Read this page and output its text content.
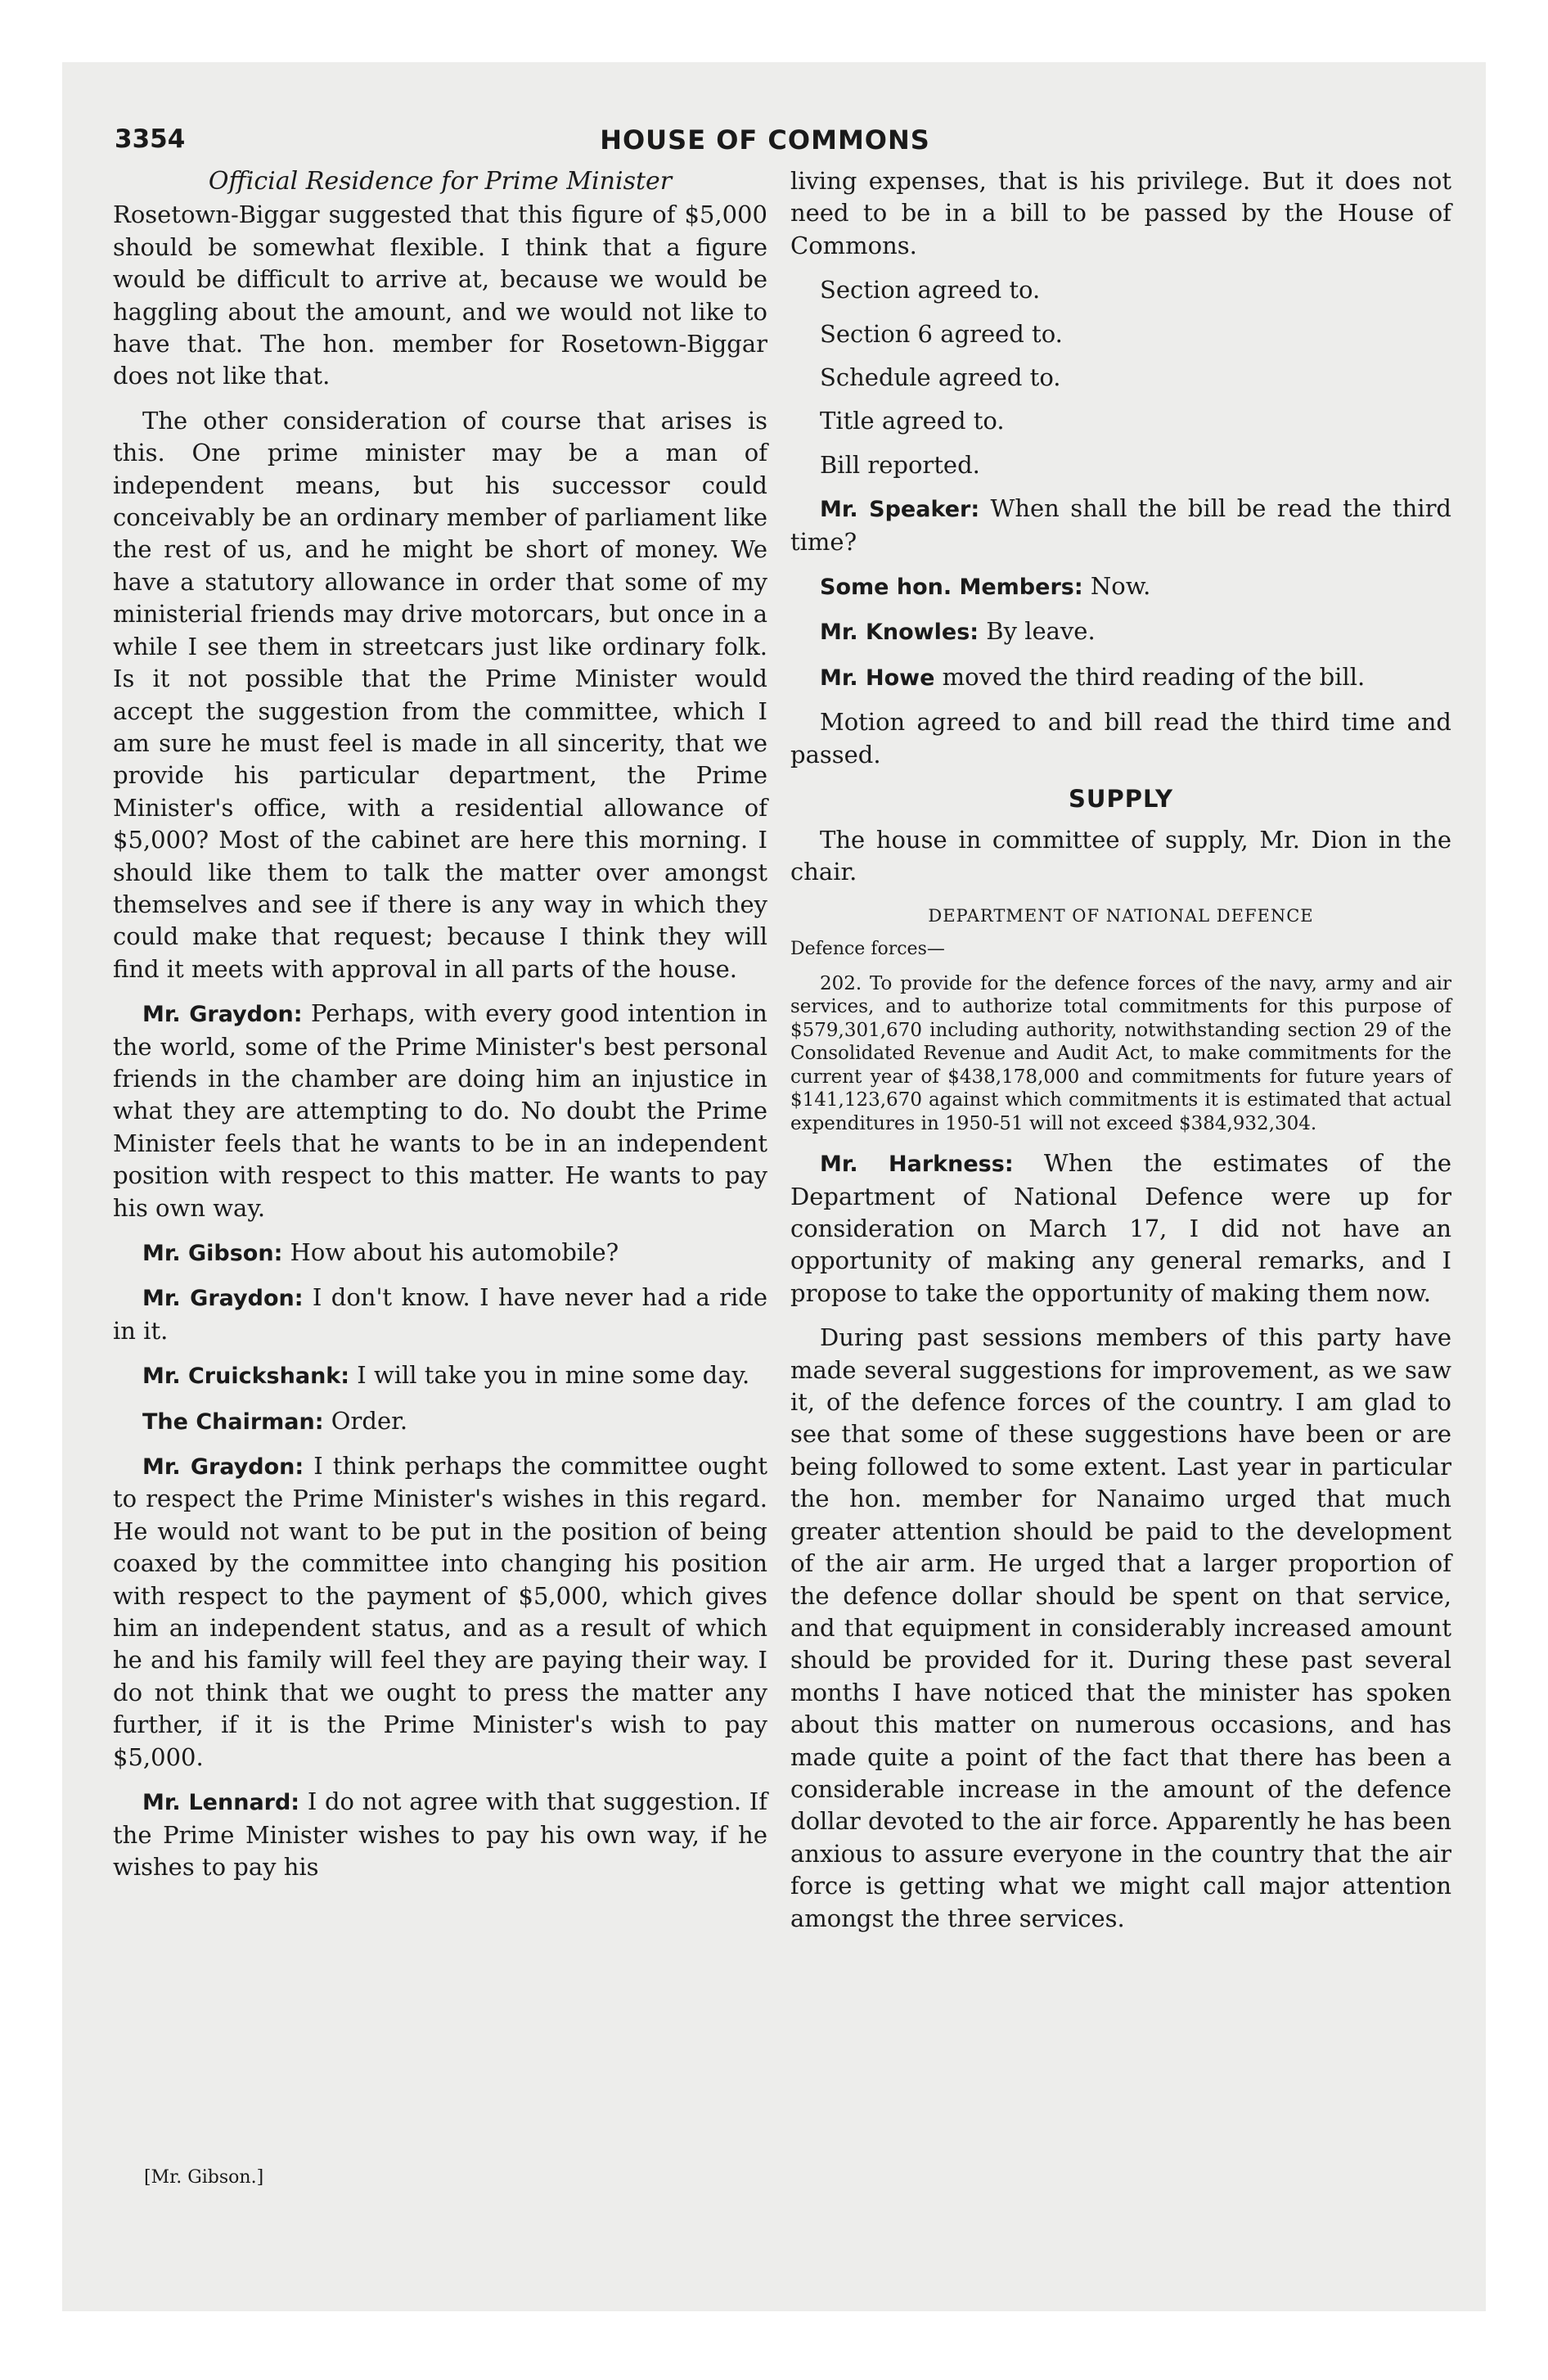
3354	HOUSE OF COMMONS
Official Residence for Prime Minister

Rosetown-Biggar suggested that this figure of $5,000 should be somewhat flexible. I think that a figure would be difficult to arrive at, because we would be haggling about the amount, and we would not like to have that. The hon. member for Rosetown-Biggar does not like that.

The other consideration of course that arises is this. One prime minister may be a man of independent means, but his successor could conceivably be an ordinary member of parliament like the rest of us, and he might be short of money. We have a statutory allowance in order that some of my ministerial friends may drive motorcars, but once in a while I see them in streetcars just like ordinary folk. Is it not possible that the Prime Minister would accept the suggestion from the committee, which I am sure he must feel is made in all sincerity, that we provide his particular department, the Prime Minister's office, with a residential allowance of $5,000? Most of the cabinet are here this morning. I should like them to talk the matter over amongst themselves and see if there is any way in which they could make that request; because I think they will find it meets with approval in all parts of the house.

Mr. Graydon: Perhaps, with every good intention in the world, some of the Prime Minister's best personal friends in the chamber are doing him an injustice in what they are attempting to do. No doubt the Prime Minister feels that he wants to be in an independent position with respect to this matter. He wants to pay his own way.

Mr. Gibson: How about his automobile?

Mr. Graydon: I don't know. I have never had a ride in it.

Mr. Cruickshank: I will take you in mine some day.

The Chairman: Order.

Mr. Graydon: I think perhaps the committee ought to respect the Prime Minister's wishes in this regard. He would not want to be put in the position of being coaxed by the committee into changing his position with respect to the payment of $5,000, which gives him an independent status, and as a result of which he and his family will feel they are paying their way. I do not think that we ought to press the matter any further, if it is the Prime Minister's wish to pay $5,000.

Mr. Lennard: I do not agree with that suggestion. If the Prime Minister wishes to pay his own way, if he wishes to pay his

living expenses, that is his privilege. But it does not need to be in a bill to be passed by the House of Commons.

Section agreed to.

Section 6 agreed to.

Schedule agreed to.

Title agreed to.

Bill reported.

Mr. Speaker: When shall the bill be read the third time?

Some hon. Members: Now.

Mr. Knowles: By leave.

Mr. Howe moved the third reading of the bill.

Motion agreed to and bill read the third time and passed.

SUPPLY

The house in committee of supply, Mr. Dion in the chair.

DEPARTMENT OF NATIONAL DEFENCE

Defence forces—

202. To provide for the defence forces of the navy, army and air services, and to authorize total commitments for this purpose of $579,301,670 including authority, notwithstanding section 29 of the Consolidated Revenue and Audit Act, to make commitments for the current year of $438,178,000 and commitments for future years of $141,123,670 against which commitments it is estimated that actual expenditures in 1950-51 will not exceed $384,932,304.

Mr. Harkness: When the estimates of the Department of National Defence were up for consideration on March 17, I did not have an opportunity of making any general remarks, and I propose to take the opportunity of making them now.

During past sessions members of this party have made several suggestions for improvement, as we saw it, of the defence forces of the country. I am glad to see that some of these suggestions have been or are being followed to some extent. Last year in particular the hon. member for Nanaimo urged that much greater attention should be paid to the development of the air arm. He urged that a larger proportion of the defence dollar should be spent on that service, and that equipment in considerably increased amount should be provided for it. During these past several months I have noticed that the minister has spoken about this matter on numerous occasions, and has made quite a point of the fact that there has been a considerable increase in the amount of the defence dollar devoted to the air force. Apparently he has been anxious to assure everyone in the country that the air force is getting what we might call major attention amongst the three services.

[Mr. Gibson.]
